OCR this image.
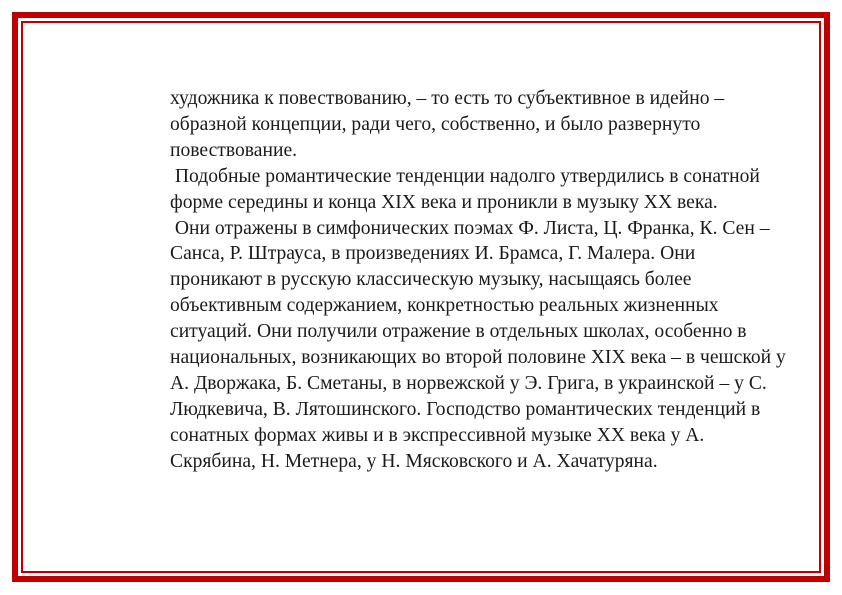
художника к повествованию, – то есть то субъективное в идейно – образной концепции, ради чего, собственно, и было развернуто повествование.

Подобные романтические тенденции надолго утвердились в сонатной форме середины и конца XIX века и проникли в музыку XX века.

Они отражены в симфонических поэмах Ф. Листа, Ц. Франка, К. Сен – Санса, Р. Штрауса, в произведениях И. Брамса, Г. Малера. Они проникают в русскую классическую музыку, насыщаясь более объективным содержанием, конкретностью реальных жизненных ситуаций. Они получили отражение в отдельных школах, особенно в национальных, возникающих во второй половине XIX века – в чешской у А. Дворжака, Б. Сметаны, в норвежской у Э. Грига, в украинской – у С. Людкевича, В. Лятошинского. Господство романтических тенденций в сонатных формах живы и в экспрессивной музыке XX века у А. Скрябина, Н. Метнера, у Н. Мясковского и А. Хачатуряна.
